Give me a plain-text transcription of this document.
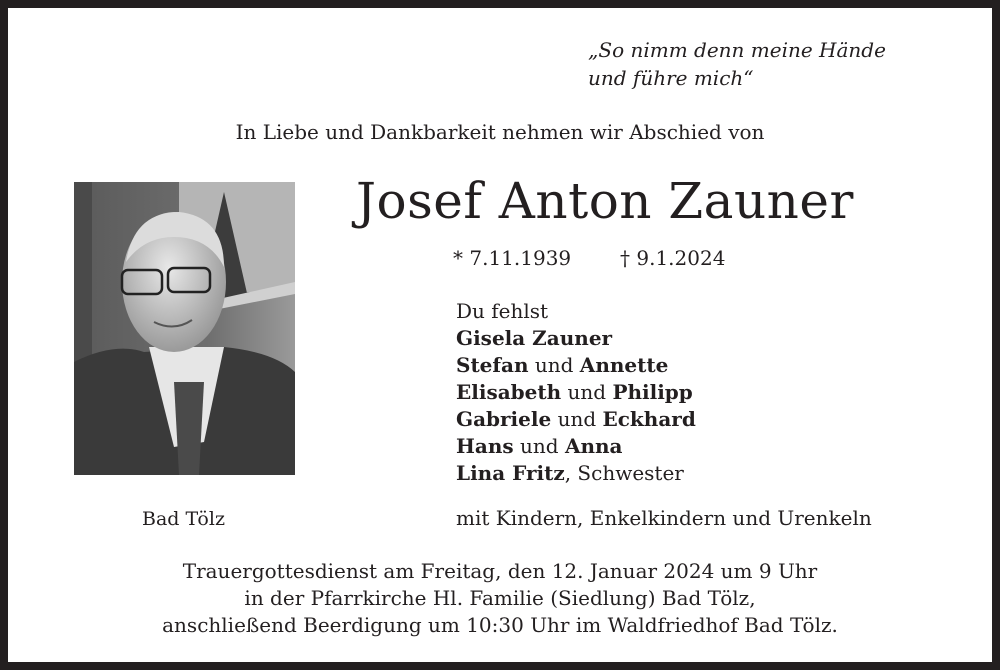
„So nimm denn meine Hände
und führe mich“
In Liebe und Dankbarkeit nehmen wir Abschied von
Josef Anton Zauner
* 7.11.1939 † 9.1.2024
Du fehlst
Gisela Zauner
Stefan und Annette
Elisabeth und Philipp
Gabriele und Eckhard
Hans und Anna
Lina Fritz, Schwester
Bad Tölz	mit Kindern, Enkelkindern und Urenkeln
Trauergottesdienst am Freitag, den 12. Januar 2024 um 9 Uhr
in der Pfarrkirche Hl. Familie (Siedlung) Bad Tölz,
anschließend Beerdigung um 10:30 Uhr im Waldfriedhof Bad Tölz.
